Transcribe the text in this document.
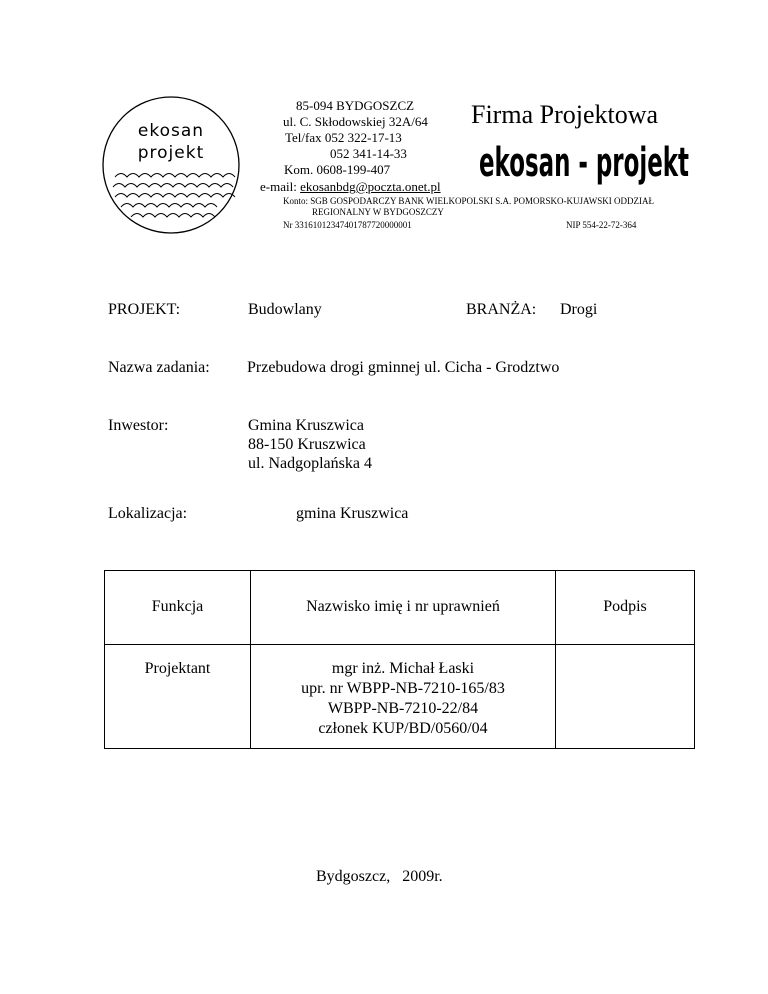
ekosan
projekt
85-094 BYDGOSZCZ
ul. C. Skłodowskiej 32A/64
Tel/fax 052 322-17-13
052 341-14-33
Kom. 0608-199-407
e-mail: ekosanbdg@poczta.onet.pl
Firma Projektowa
ekosan - projekt
Konto: SGB GOSPODARCZY BANK WIELKOPOLSKI S.A. POMORSKO-KUJAWSKI ODDZIAŁ
REGIONALNY W BYDGOSZCZY
Nr 33161012347401787720000001	NIP 554-22-72-364
PROJEKT:	Budowlany	BRANŻA: Drogi
Nazwa zadania: Przebudowa drogi gminnej ul. Cicha - Grodztwo
Inwestor:	Gmina Kruszwica
88-150 Kruszwica
ul. Nadgoplańska 4
Lokalizacja:	gmina Kruszwica
Funkcja	Nazwisko imię i nr uprawnień	Podpis
Projektant	mgr inż. Michał Łaski
upr. nr WBPP-NB-7210-165/83
WBPP-NB-7210-22/84
członek KUP/BD/0560/04	

Bydgoszcz,   2009r.
